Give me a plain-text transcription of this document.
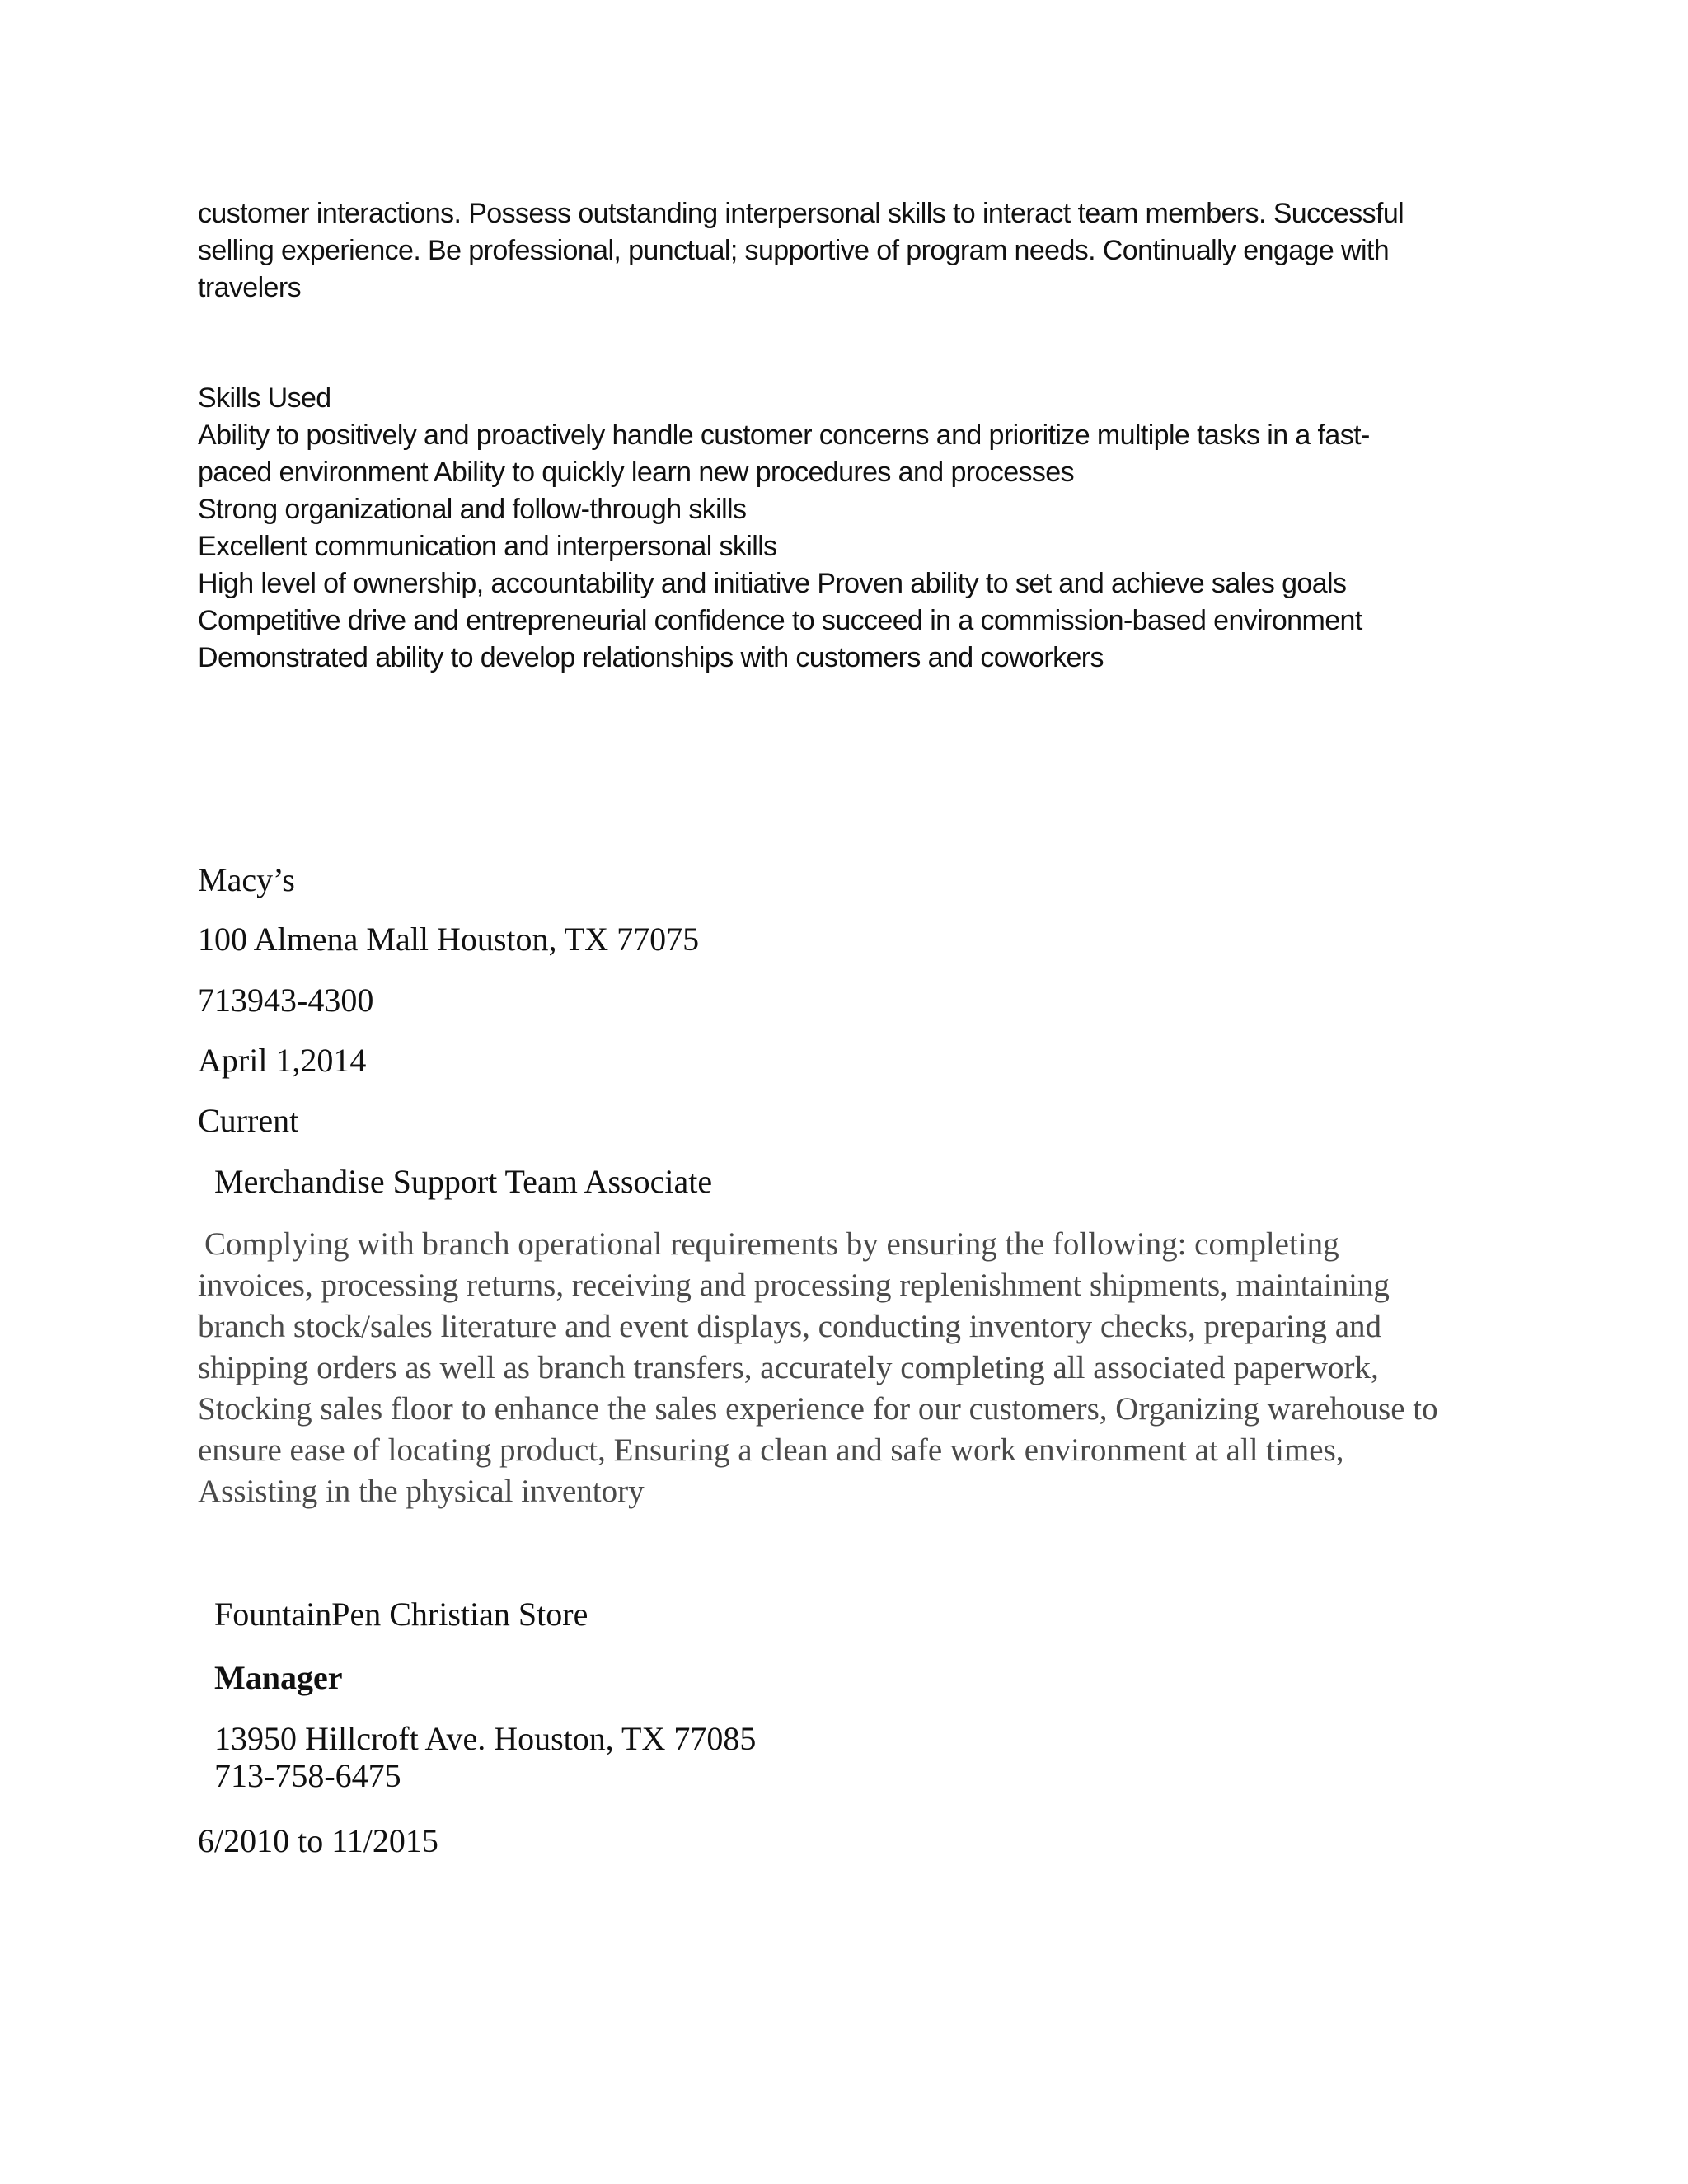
customer interactions. Possess outstanding interpersonal skills to interact team members. Successful
selling experience. Be professional, punctual; supportive of program needs. Continually engage with
travelers

Skills Used

Ability to positively and proactively handle customer concerns and prioritize multiple tasks in a fast-
paced environment Ability to quickly learn new procedures and processes
Strong organizational and follow-through skills
Excellent communication and interpersonal skills
High level of ownership, accountability and initiative Proven ability to set and achieve sales goals
Competitive drive and entrepreneurial confidence to succeed in a commission-based environment
Demonstrated ability to develop relationships with customers and coworkers

Macy’s

100 Almena Mall Houston, TX 77075

713943-4300

April 1,2014

Current

Merchandise Support Team Associate

Complying with branch operational requirements by ensuring the following: completing
invoices, processing returns, receiving and processing replenishment shipments, maintaining
branch stock/sales literature and event displays, conducting inventory checks, preparing and
shipping orders as well as branch transfers, accurately completing all associated paperwork,
Stocking sales floor to enhance the sales experience for our customers, Organizing warehouse to
ensure ease of locating product, Ensuring a clean and safe work environment at all times,
Assisting in the physical inventory

FountainPen Christian Store

Manager

13950 Hillcroft Ave. Houston, TX 77085

713-758-6475

6/2010 to 11/2015
